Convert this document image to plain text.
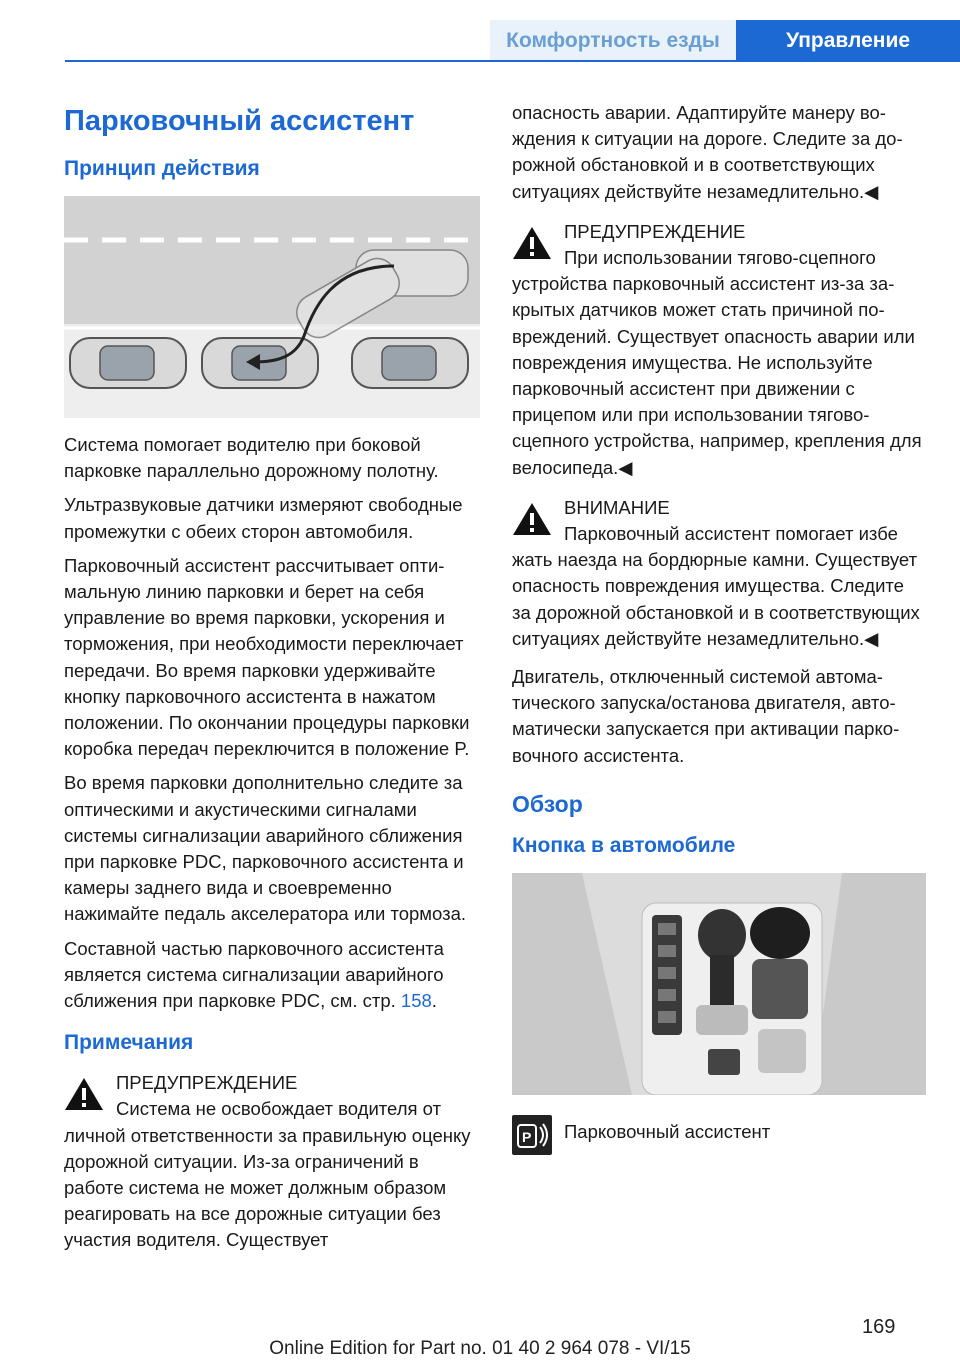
Комфортность езды	Управление
Парковочный ассистент
Принцип действия

Система помогает водителю при боковой парковке параллельно дорожному полотну.

Ультразвуковые датчики измеряют свободные промежутки с обеих сторон автомобиля.

Парковочный ассистент рассчитывает оптимальную линию парковки и берет на себя управление во время парковки, ускорения и торможения, при необходимости переключает передачи. Во время парковки удерживайте кнопку парковочного ассистента в нажатом положении. По окончании процедуры парковки коробка передач переключится в положение P.

Во время парковки дополнительно следите за оптическими и акустическими сигналами системы сигнализации аварийного сближения при парковке PDC, парковочного ассистента и камеры заднего вида и своевременно нажимайте педаль акселератора или тормоза.

Составной частью парковочного ассистента является система сигнализации аварийного сближения при парковке PDC, см. стр. 158.

Примечания
ПРЕДУПРЕЖДЕНИЕ

Система не освобождает водителя от
личной ответственности за правильную оценку дорожной ситуации. Из-за ограничений в работе система не может должным образом реагировать на все дорожные ситуации без участия водителя. Существует

опасность аварии. Адаптируйте манеру вождения к ситуации на дороге. Следите за дорожной обстановкой и в соответствующих ситуациях действуйте незамедлительно.◀

ПРЕДУПРЕЖДЕНИЕ

При использовании тягово-сцепного
устройства парковочный ассистент из-за закрытых датчиков может стать причиной повреждений. Существует опасность аварии или повреждения имущества. Не используйте парковочный ассистент при движении с прицепом или при использовании тягово-сцепного устройства, например, крепления для велосипеда.◀

ВНИМАНИЕ

Парковочный ассистент помогает избе
жать наезда на бордюрные камни. Существует опасность повреждения имущества. Следите за дорожной обстановкой и в соответствующих ситуациях действуйте незамедлительно.◀

Двигатель, отключенный системой автоматического запуска/останова двигателя, автоматически запускается при активации парковочного ассистента.

Обзор
Кнопка в автомобиле
P Парковочный ассистент

169
Online Edition for Part no. 01 40 2 964 078 - VI/15
